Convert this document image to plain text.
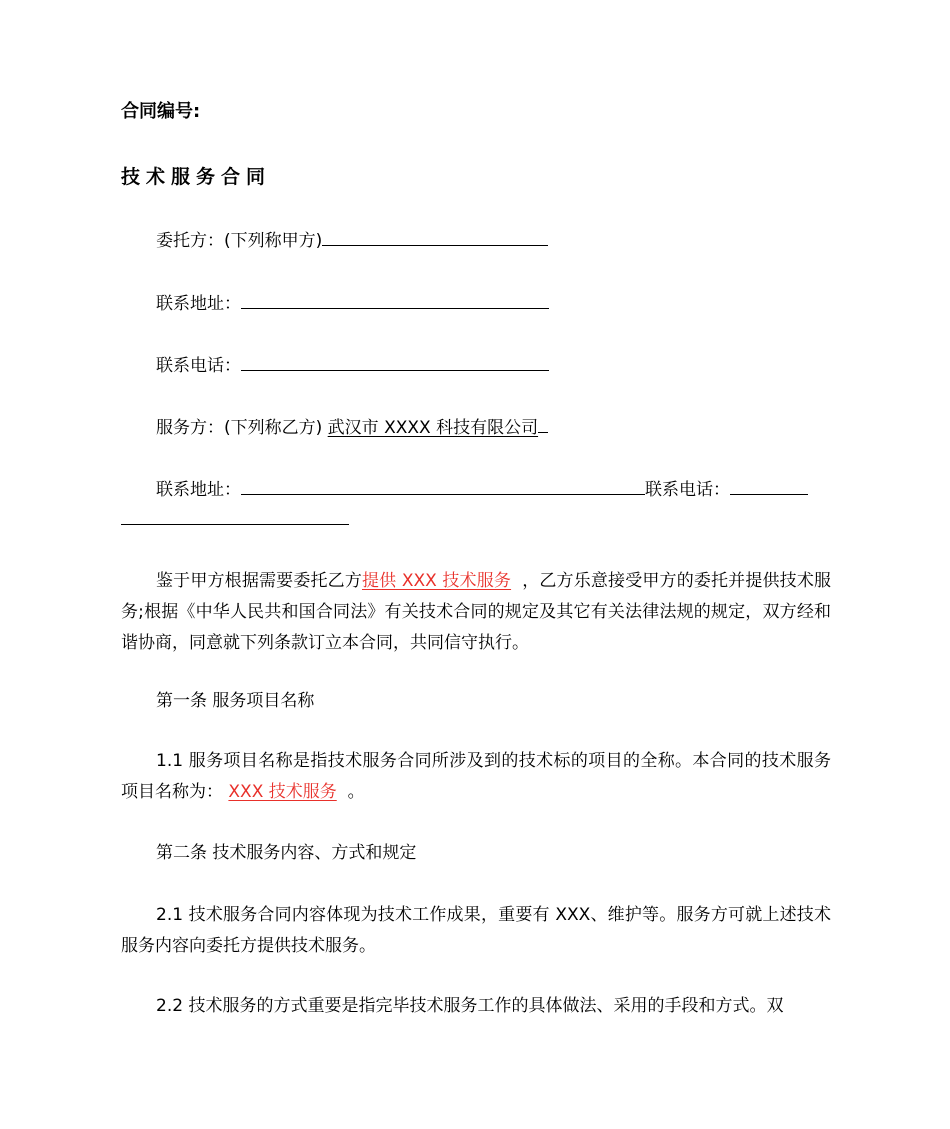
合同编号:
技术服务合同
委托方：(下列称甲方)
联系地址：
联系电话：
服务方：(下列称乙方) 武汉市 XXXX 科技有限公司
联系地址：	联系电话：
鉴于甲方根据需要委托乙方提供 XXX 技术服务 ，乙方乐意接受甲方的委托并提供技术服务;根据《中华人民共和国合同法》有关技术合同的规定及其它有关法律法规的规定，双方经和谐协商，同意就下列条款订立本合同，共同信守执行。
第一条 服务项目名称
1.1 服务项目名称是指技术服务合同所涉及到的技术标的项目的全称。本合同的技术服务项目名称为： XXX 技术服务 。
第二条 技术服务内容、方式和规定
2.1 技术服务合同内容体现为技术工作成果，重要有 XXX、维护等。服务方可就上述技术服务内容向委托方提供技术服务。
2.2 技术服务的方式重要是指完毕技术服务工作的具体做法、采用的手段和方式。双
